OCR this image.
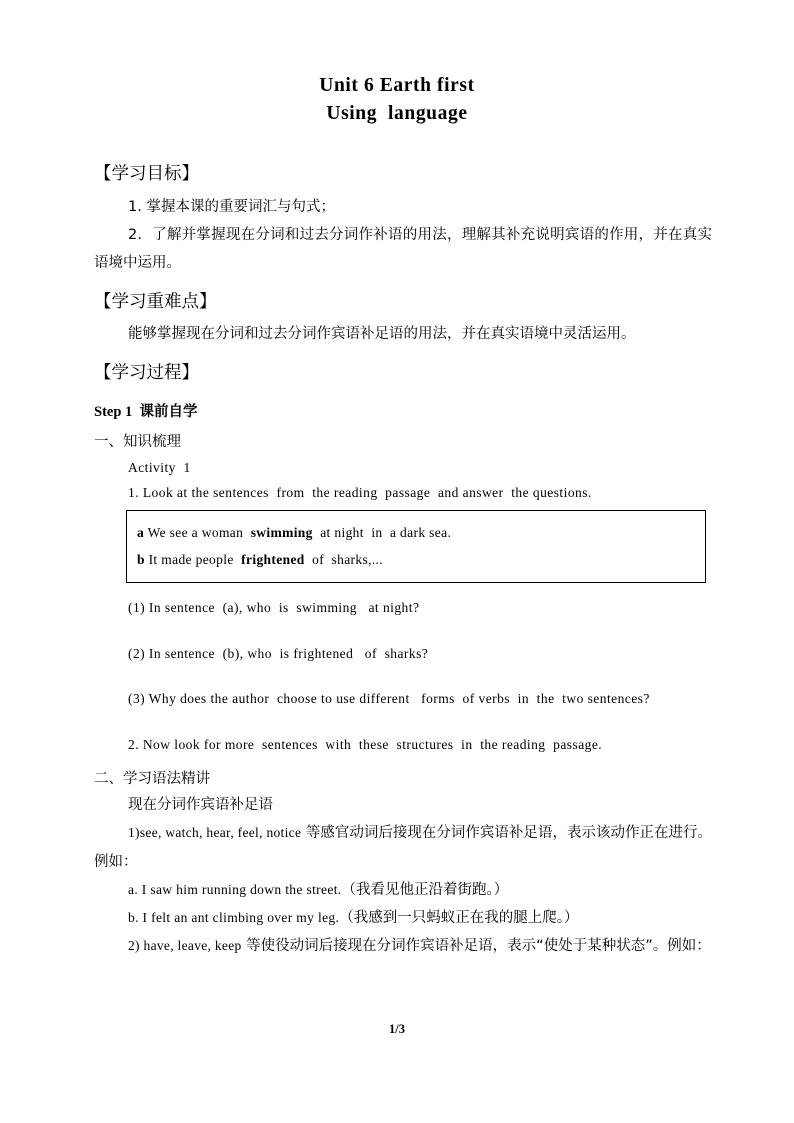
Unit 6 Earth first
Using  language
【学习目标】

1. 掌握本课的重要词汇与句式；

2．了解并掌握现在分词和过去分词作补语的用法，理解其补充说明宾语的作用，并在真实语境中运用。

【学习重难点】

能够掌握现在分词和过去分词作宾语补足语的用法，并在真实语境中灵活运用。

【学习过程】
Step 1  课前自学
一、知识梳理

Activity  1

1. Look at the sentences  from  the reading  passage  and answer  the questions.

a We see a woman  swimming  at night  in  a dark sea.
b It made people  frightened  of  sharks,...

(1) In sentence  (a), who  is  swimming   at night?

(2) In sentence  (b), who  is frightened   of  sharks?

(3) Why does the author  choose to use different   forms  of verbs  in  the  two sentences?

2. Now look for more  sentences  with  these  structures  in  the reading  passage.

二、学习语法精讲

现在分词作宾语补足语

1)see, watch, hear, feel, notice 等感官动词后接现在分词作宾语补足语，表示该动作正在进行。例如：

a. I saw him running down the street.（我看见他正沿着街跑。）

b. I felt an ant climbing over my leg.（我感到一只蚂蚁正在我的腿上爬。）

2) have, leave, keep 等使役动词后接现在分词作宾语补足语，表示“使处于某种状态”。例如：

1/3
